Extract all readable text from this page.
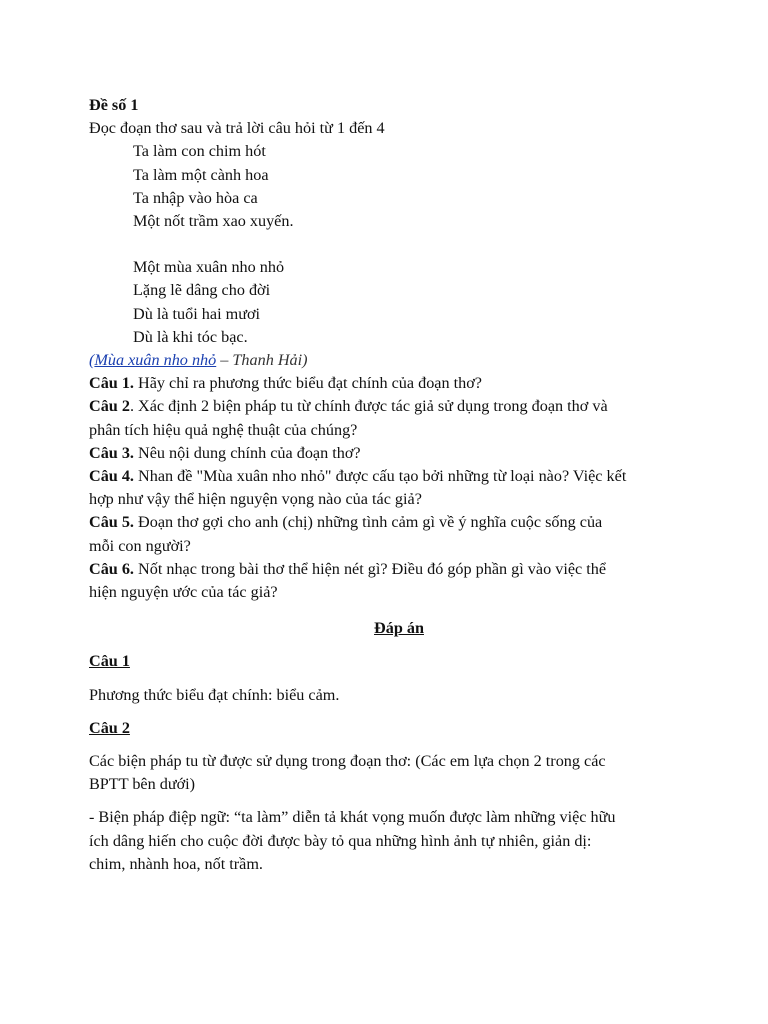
Đề số 1

Đọc đoạn thơ sau và trả lời câu hỏi từ 1 đến 4

Ta làm con chim hót

Ta làm một cành hoa

Ta nhập vào hòa ca

Một nốt trầm xao xuyến.

Một mùa xuân nho nhỏ

Lặng lẽ dâng cho đời

Dù là tuổi hai mươi

Dù là khi tóc bạc.

(Mùa xuân nho nhỏ – Thanh Hải)

Câu 1. Hãy chỉ ra phương thức biểu đạt chính của đoạn thơ?

Câu 2. Xác định 2 biện pháp tu từ chính được tác giả sử dụng trong đoạn thơ và

phân tích hiệu quả nghệ thuật của chúng?

Câu 3. Nêu nội dung chính của đoạn thơ?

Câu 4. Nhan đề "Mùa xuân nho nhỏ" được cấu tạo bởi những từ loại nào? Việc kết

hợp như vậy thể hiện nguyện vọng nào của tác giả?

Câu 5. Đoạn thơ gợi cho anh (chị) những tình cảm gì về ý nghĩa cuộc sống của

mỗi con người?

Câu 6. Nốt nhạc trong bài thơ thể hiện nét gì? Điều đó góp phần gì vào việc thể

hiện nguyện ước của tác giả?

Đáp án

Câu 1

Phương thức biểu đạt chính: biểu cảm.

Câu 2

Các biện pháp tu từ được sử dụng trong đoạn thơ: (Các em lựa chọn 2 trong các

BPTT bên dưới)

- Biện pháp điệp ngữ: “ta làm” diễn tả khát vọng muốn được làm những việc hữu

ích dâng hiến cho cuộc đời được bày tỏ qua những hình ảnh tự nhiên, giản dị:

chim, nhành hoa, nốt trầm.
